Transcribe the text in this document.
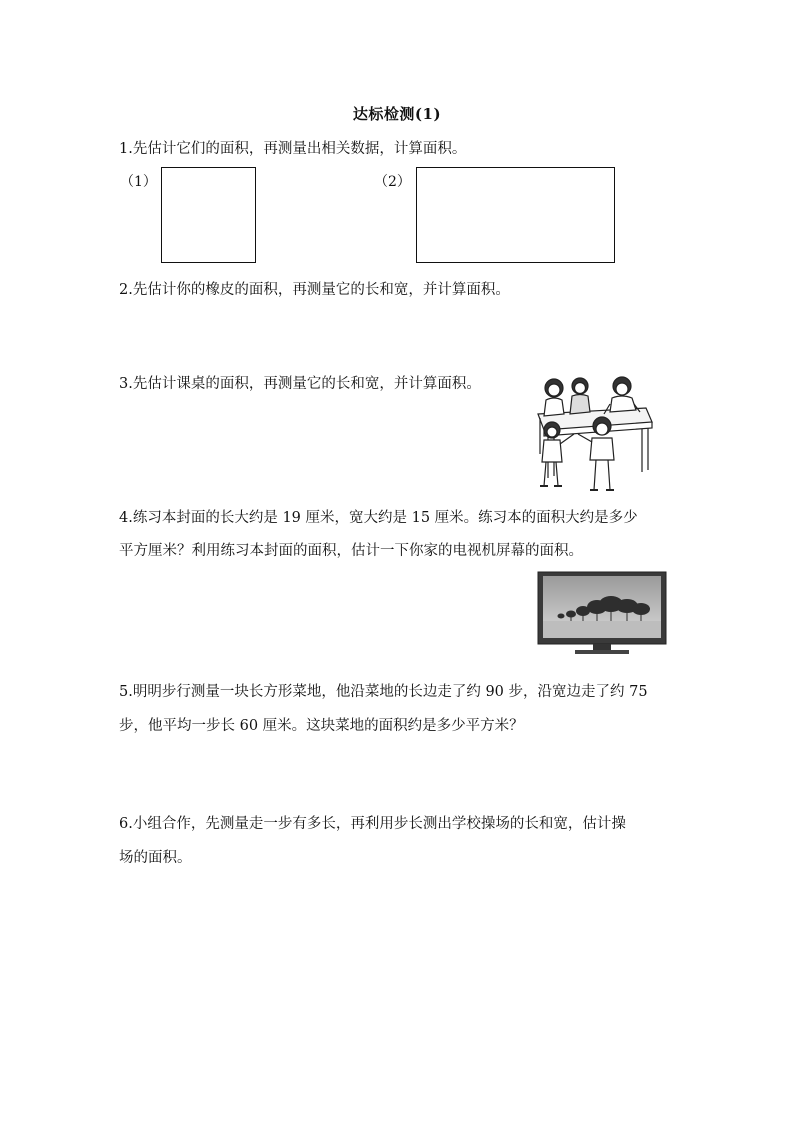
达标检测(1)
1.先估计它们的面积，再测量出相关数据，计算面积。
（1）	（2）
2.先估计你的橡皮的面积，再测量它的长和宽，并计算面积。
3.先估计课桌的面积，再测量它的长和宽，并计算面积。
4.练习本封面的长大约是 19 厘米，宽大约是 15 厘米。练习本的面积大约是多少
平方厘米？利用练习本封面的面积，估计一下你家的电视机屏幕的面积。
5.明明步行测量一块长方形菜地，他沿菜地的长边走了约 90 步，沿宽边走了约 75
步，他平均一步长 60 厘米。这块菜地的面积约是多少平方米？
6.小组合作，先测量走一步有多长，再利用步长测出学校操场的长和宽，估计操
场的面积。
